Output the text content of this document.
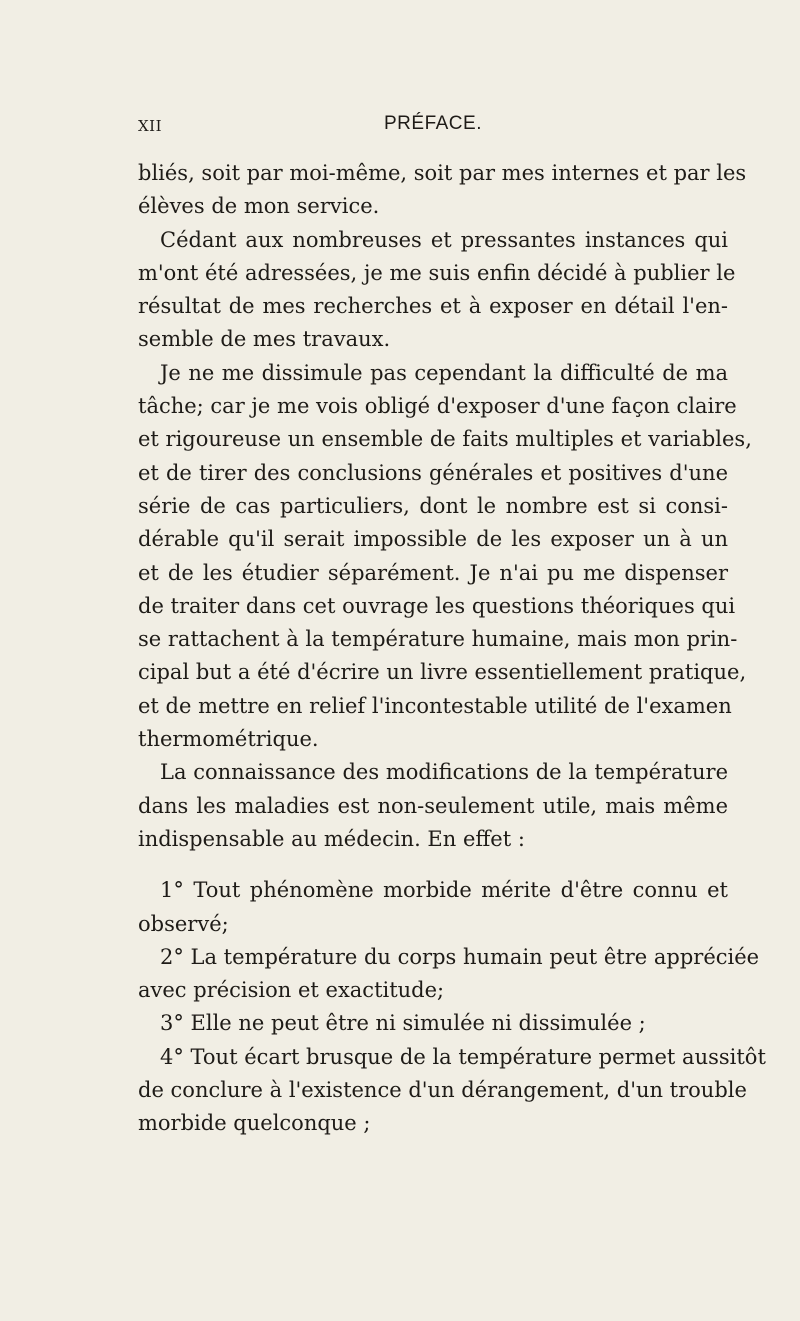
XII	PRÉFACE.
bliés, soit par moi-même, soit par mes internes et par les
élèves de mon service.
Cédant aux nombreuses et pressantes instances qui
m'ont été adressées, je me suis enfin décidé à publier le
résultat de mes recherches et à exposer en détail l'en-
semble de mes travaux.
Je ne me dissimule pas cependant la difficulté de ma
tâche; car je me vois obligé d'exposer d'une façon claire
et rigoureuse un ensemble de faits multiples et variables,
et de tirer des conclusions générales et positives d'une
série de cas particuliers, dont le nombre est si consi-
dérable qu'il serait impossible de les exposer un à un
et de les étudier séparément. Je n'ai pu me dispenser
de traiter dans cet ouvrage les questions théoriques qui
se rattachent à la température humaine, mais mon prin-
cipal but a été d'écrire un livre essentiellement pratique,
et de mettre en relief l'incontestable utilité de l'examen
thermométrique.
La connaissance des modifications de la température
dans les maladies est non-seulement utile, mais même
indispensable au médecin. En effet :
1° Tout phénomène morbide mérite d'être connu et
observé;
2° La température du corps humain peut être appréciée
avec précision et exactitude;
3° Elle ne peut être ni simulée ni dissimulée ;
4° Tout écart brusque de la température permet aussitôt
de conclure à l'existence d'un dérangement, d'un trouble
morbide quelconque ;
